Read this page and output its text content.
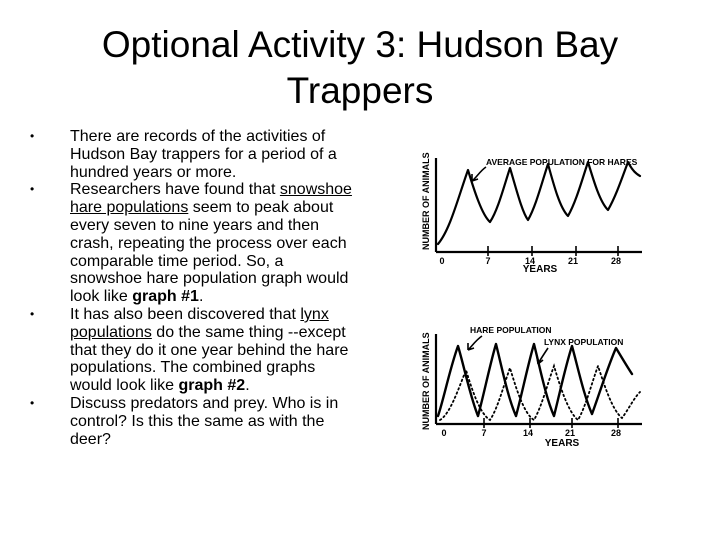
Optional Activity 3: Hudson Bay Trappers
• There are records of the activities of Hudson Bay trappers for a period of a hundred years or more.
• Researchers have found that snowshoe hare populations seem to peak about every seven to nine years and then crash, repeating the process over each comparable time period. So, a snowshoe hare population graph would look like graph #1.
• It has also been discovered that lynx populations do the same thing --except that they do it one year behind the hare populations. The combined graphs would look like graph #2.
• Discuss predators and prey. Who is in control? Is this the same as with the deer?
AVERAGE POPULATION FOR HARES
NUMBER OF ANIMALS
0	7	14	21	28
YEARS
HARE POPULATION
LYNX POPULATION
NUMBER OF ANIMALS
0	7	14	21	28
YEARS
